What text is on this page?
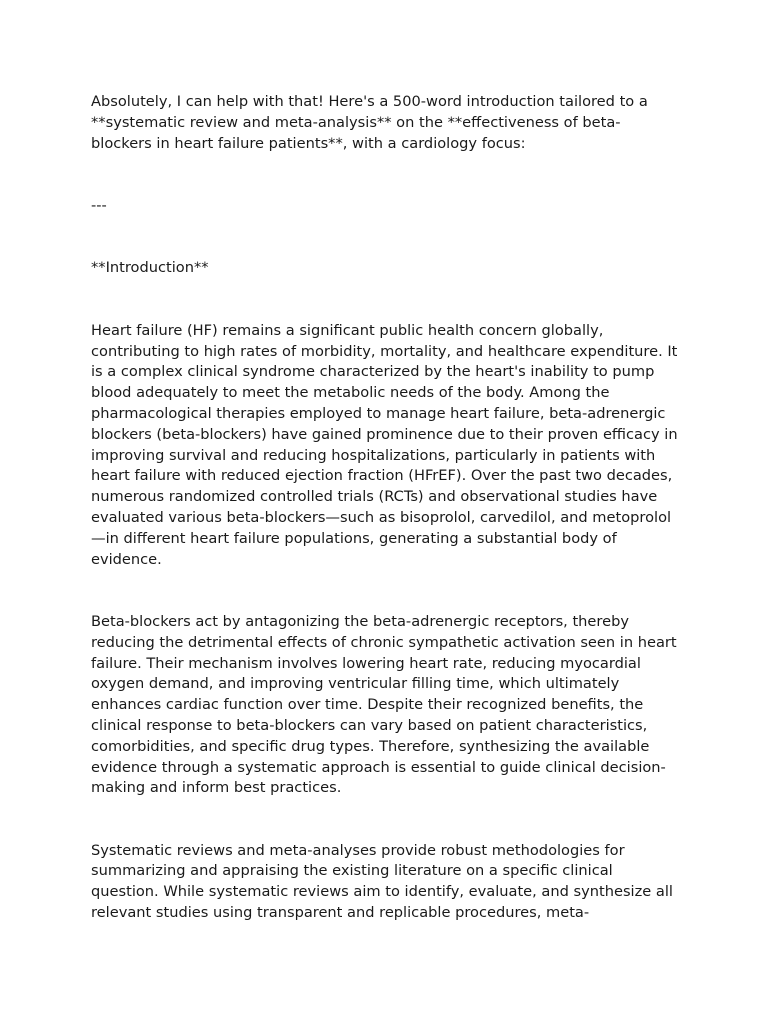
Absolutely, I can help with that! Here's a 500-word introduction tailored to a **systematic review and meta-analysis** on the **effectiveness of beta-blockers in heart failure patients**, with a cardiology focus:

---

**Introduction**

Heart failure (HF) remains a significant public health concern globally, contributing to high rates of morbidity, mortality, and healthcare expenditure. It is a complex clinical syndrome characterized by the heart's inability to pump blood adequately to meet the metabolic needs of the body. Among the pharmacological therapies employed to manage heart failure, beta-adrenergic blockers (beta-blockers) have gained prominence due to their proven efficacy in improving survival and reducing hospitalizations, particularly in patients with heart failure with reduced ejection fraction (HFrEF). Over the past two decades, numerous randomized controlled trials (RCTs) and observational studies have evaluated various beta-blockers—such as bisoprolol, carvedilol, and metoprolol—in different heart failure populations, generating a substantial body of evidence.

Beta-blockers act by antagonizing the beta-adrenergic receptors, thereby reducing the detrimental effects of chronic sympathetic activation seen in heart failure. Their mechanism involves lowering heart rate, reducing myocardial oxygen demand, and improving ventricular filling time, which ultimately enhances cardiac function over time. Despite their recognized benefits, the clinical response to beta-blockers can vary based on patient characteristics, comorbidities, and specific drug types. Therefore, synthesizing the available evidence through a systematic approach is essential to guide clinical decision-making and inform best practices.

Systematic reviews and meta-analyses provide robust methodologies for summarizing and appraising the existing literature on a specific clinical question. While systematic reviews aim to identify, evaluate, and synthesize all relevant studies using transparent and replicable procedures, meta-
